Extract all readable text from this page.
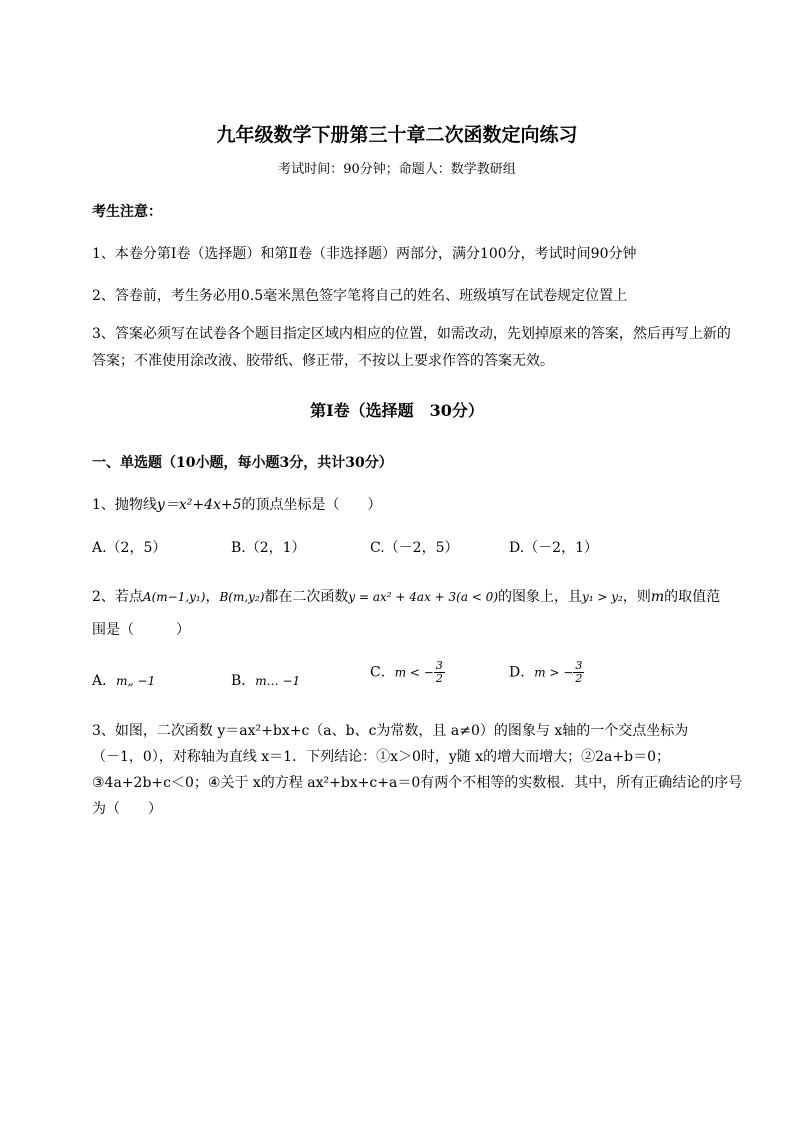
九年级数学下册第三十章二次函数定向练习
考试时间：90分钟；命题人：数学教研组
考生注意：
1、本卷分第I卷（选择题）和第Ⅱ卷（非选择题）两部分，满分100分，考试时间90分钟
2、答卷前，考生务必用0.5毫米黑色签字笔将自己的姓名、班级填写在试卷规定位置上
3、答案必须写在试卷各个题目指定区域内相应的位置，如需改动，先划掉原来的答案，然后再写上新的答案；不准使用涂改液、胶带纸、修正带，不按以上要求作答的答案无效。
第I卷（选择题　30分）
一、单选题（10小题，每小题3分，共计30分）
1、抛物线y＝x²+4x+5的顶点坐标是（　　）
A.（2，5）	B.（2，1）	C.（－2，5）	D.（－2，1）
2、若点A(m−1,y₁)，B(m,y₂)都在二次函数y = ax² + 4ax + 3(a < 0)的图象上，且y₁ > y₂，则m的取值范
围是（　　　）
A．m„ −1	B．m… −1
C．m < − $\frac{3}{2}$	D．m > − $\frac{3}{2}$
3、如图，二次函数 y＝ax²+bx+c（a、b、c为常数，且 a≠0）的图象与 x轴的一个交点坐标为
（－1，0），对称轴为直线 x＝1．下列结论：①x＞0时，y随 x的增大而增大；②2a+b＝0；
③4a+2b+c＜0；④关于 x的方程 ax²+bx+c+a＝0有两个不相等的实数根．其中，所有正确结论的序号
为（　　）
